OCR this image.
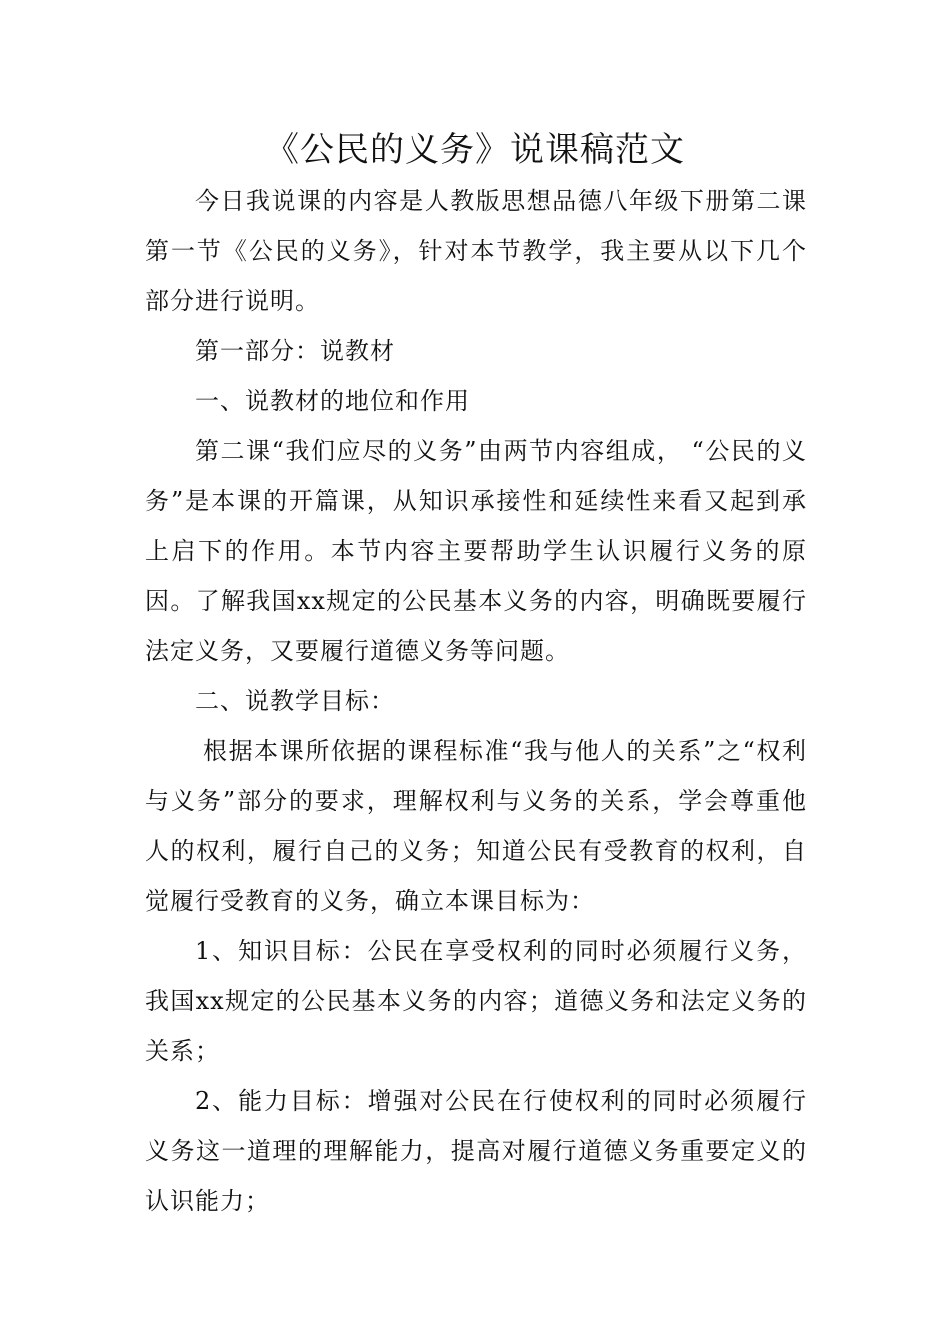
《公民的义务》说课稿范文

今日我说课的内容是人教版思想品德八年级下册第二课第一节《公民的义务》，针对本节教学，我主要从以下几个部分进行说明。

第一部分：说教材

一、说教材的地位和作用

第二课“我们应尽的义务”由两节内容组成， “公民的义务”是本课的开篇课，从知识承接性和延续性来看又起到承上启下的作用。本节内容主要帮助学生认识履行义务的原因。了解我国xx规定的公民基本义务的内容，明确既要履行法定义务，又要履行道德义务等问题。

二、说教学目标：

根据本课所依据的课程标准“我与他人的关系”之“权利与义务”部分的要求，理解权利与义务的关系，学会尊重他人的权利，履行自己的义务；知道公民有受教育的权利，自觉履行受教育的义务，确立本课目标为：

1、知识目标：公民在享受权利的同时必须履行义务，我国xx规定的公民基本义务的内容；道德义务和法定义务的关系；

2、能力目标：增强对公民在行使权利的同时必须履行义务这一道理的理解能力，提高对履行道德义务重要定义的认识能力；
